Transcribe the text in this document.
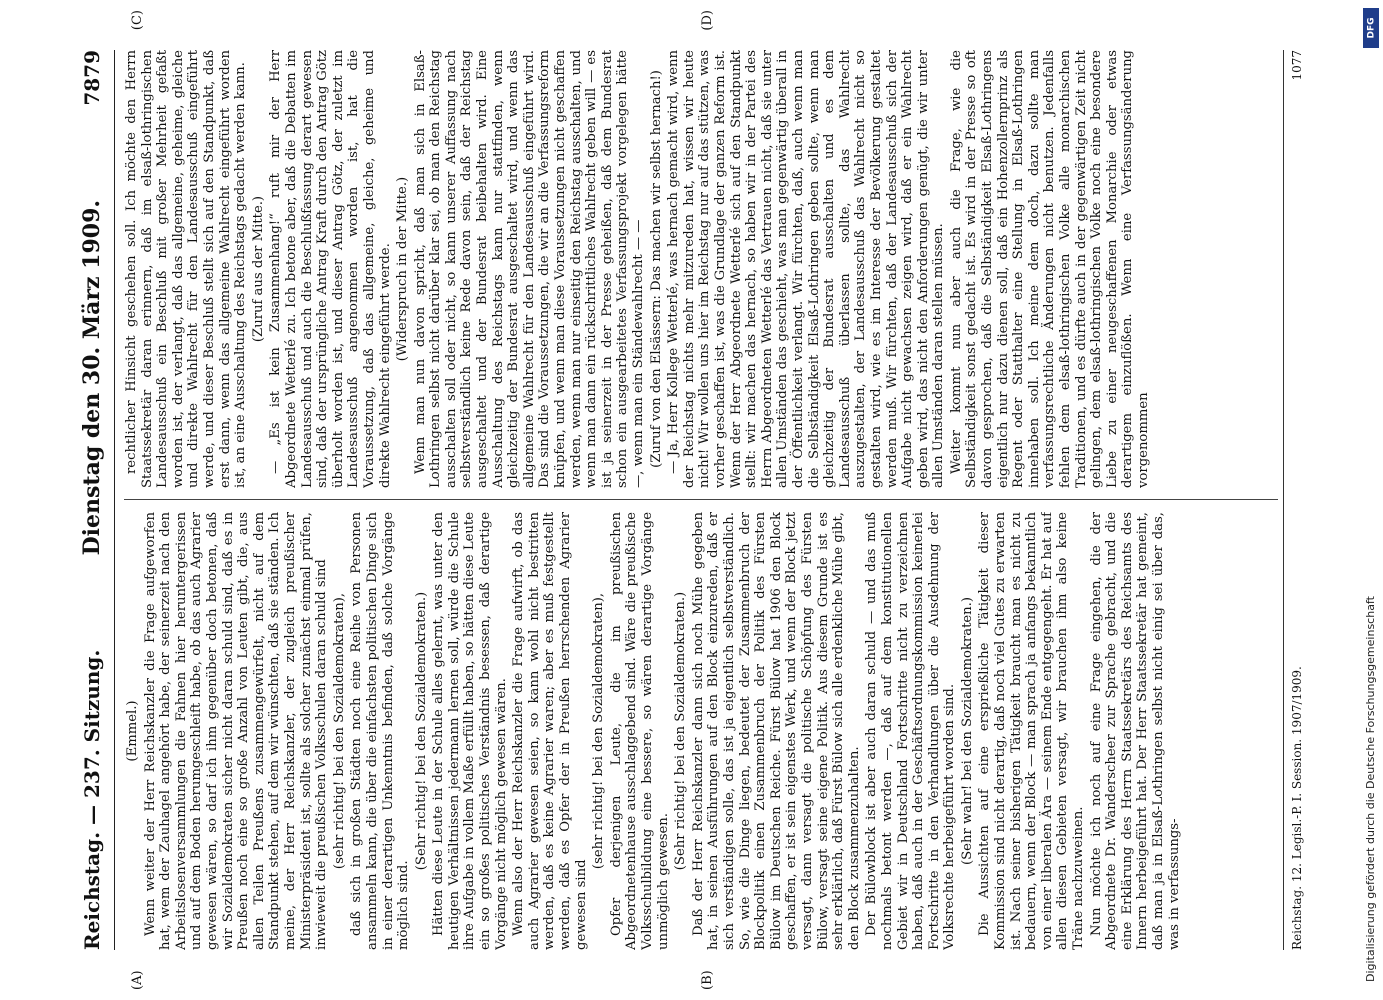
Reichstag. — 237. Sitzung.
Dienstag den 30. März 1909.
7879
(A)	(B)
(C)	(D)

(Emmel.) Wenn weiter der Herr Reichskanzler die Frage aufgeworfen hat, wem der Zauhagel angehört habe, der seinerzeit nach den Arbeitslosenversammlungen die Fahnen hier heruntergerissen und auf dem Boden herumgeschleift habe, ob das auch Agrarier gewesen wären, so darf ich ihm gegenüber doch betonen, daß wir Sozialdemokraten sicher nicht daran schuld sind, daß es in Preußen noch eine so große Anzahl von Leuten gibt, die, aus allen Teilen Preußens zusammengewürfelt, nicht auf dem Standpunkt stehen, auf dem wir wünschten, daß sie ständen. Ich meine, der Herr Reichskanzler, der zugleich preußischer Ministerpräsident ist, sollte als solcher zunächst einmal prüfen, inwieweit die preußischen Volksschulen daran schuld sind (sehr richtig! bei den Sozialdemokraten), daß sich in großen Städten noch eine Reihe von Personen ansammeln kann, die über die einfachsten politischen Dinge sich in einer derartigen Unkenntnis befinden, daß solche Vorgänge möglich sind.

(Sehr richtig! bei den Sozialdemokraten.) Hätten diese Leute in der Schule alles gelernt, was unter den heutigen Verhältnissen jedermann lernen soll, würde die Schule ihre Aufgabe in vollem Maße erfüllt haben, so hätten diese Leute ein so großes politisches Verständnis besessen, daß derartige Vorgänge nicht möglich gewesen wären. Wenn also der Herr Reichskanzler die Frage aufwirft, ob das auch Agrarier gewesen seien, so kann wohl nicht bestritten werden, daß es keine Agrarier waren; aber es muß festgestellt werden, daß es Opfer der in Preußen herrschenden Agrarier gewesen sind

(sehr richtig! bei den Sozialdemokraten), Opfer derjenigen Leute, die im preußischen Abgeordnetenhause ausschlaggebend sind. Wäre die preußische Volksschulbildung eine bessere, so wären derartige Vorgänge unmöglich gewesen.

(Sehr richtig! bei den Sozialdemokraten.) Daß der Herr Reichskanzler dann sich noch Mühe gegeben hat, in seinen Ausführungen auf den Block einzureden, daß er sich verständigen solle, das ist ja eigentlich selbstverständlich. So, wie die Dinge liegen, bedeutet der Zusammenbruch der Blockpolitik einen Zusammenbruch der Politik des Fürsten Bülow im Deutschen Reiche. Fürst Bülow hat 1906 den Block geschaffen, er ist sein eigenstes Werk, und wenn der Block jetzt versagt, dann versagt die politische Schöpfung des Fürsten Bülow, versagt seine eigene Politik. Aus diesem Grunde ist es sehr erklärlich, daß Fürst Bülow sich alle erdenkliche Mühe gibt, den Block zusammenzuhalten. Der Bülowblock ist aber auch daran schuld — und das muß nochmals betont werden —, daß auf dem konstitutionellen Gebiet wir in Deutschland Fortschritte nicht zu verzeichnen haben, daß auch in der Geschäftsordnungskommission keinerlei Fortschritte in den Verhandlungen über die Ausdehnung der Volksrechte herbeigeführt worden sind. (Sehr wahr! bei den Sozialdemokraten.) Die Aussichten auf eine ersprießliche Tätigkeit dieser Kommission sind nicht derartig, daß noch viel Gutes zu erwarten ist. Nach seiner bisherigen Tätigkeit braucht man es nicht zu bedauern, wenn der Block — man sprach ja anfangs bekanntlich von einer liberalen Ära — seinem Ende entgegengeht. Er hat auf allen diesen Gebieten versagt, wir brauchen ihm also keine Träne nachzuweinen. Nun möchte ich noch auf eine Frage eingehen, die der Abgeordnete Dr. Wanderscheer zur Sprache gebracht, und die eine Erklärung des Herrn Staatssekretärs des Reichsamts des Innern herbeigeführt hat. Der Herr Staatssekretär hat gemeint, daß man ja in Elsaß-Lothringen selbst nicht einig sei über das, was in verfassungs-

rechtlicher Hinsicht geschehen soll. Ich möchte den Herrn Staatssekretär daran erinnern, daß im elsaß-lothringischen Landesausschuß ein Beschluß mit großer Mehrheit gefaßt worden ist, der verlangt, daß das allgemeine, geheime, gleiche und direkte Wahlrecht für den Landesausschuß eingeführt werde, und dieser Beschluß stellt sich auf den Standpunkt, daß erst dann, wenn das allgemeine Wahlrecht eingeführt worden ist, an eine Ausschaltung des Reichstags gedacht werden kann. (Zuruf aus der Mitte.) — „Es ist kein Zusammenhang!“ ruft mir der Herr Abgeordnete Wetterlé zu. Ich betone aber, daß die Debatten im Landesausschuß und auch die Beschlußfassung derart gewesen sind, daß der ursprüngliche Antrag Kraft durch den Antrag Götz überholt worden ist, und dieser Antrag Götz, der zuletzt im Landesausschuß angenommen worden ist, hat die Voraussetzung, daß das allgemeine, gleiche, geheime und direkte Wahlrecht eingeführt werde. (Widerspruch in der Mitte.) Wenn man nun davon spricht, daß man sich in Elsaß-Lothringen selbst nicht darüber klar sei, ob man den Reichstag ausschalten soll oder nicht, so kann unserer Auffassung nach selbstverständlich keine Rede davon sein, daß der Reichstag ausgeschaltet und der Bundesrat beibehalten wird. Eine Ausschaltung des Reichstags kann nur stattfinden, wenn gleichzeitig der Bundesrat ausgeschaltet wird, und wenn das allgemeine Wahlrecht für den Landesausschuß eingeführt wird. Das sind die Voraussetzungen, die wir an die Verfassungsreform knüpfen, und wenn man diese Voraussetzungen nicht geschaffen werden, wenn man nur einseitig den Reichstag ausschalten, und wenn man dann ein rückschrittliches Wahlrecht geben will — es ist ja seinerzeit in der Presse geheißen, daß dem Bundesrat schon ein ausgearbeitetes Verfassungsprojekt vorgelegen hätte —, wenn man ein Ständewahlrecht — — (Zuruf von den Elsässern: Das machen wir selbst hernach!) — Ja, Herr Kollege Wetterlé, was hernach gemacht wird, wenn der Reichstag nichts mehr mitzureden hat, wissen wir heute nicht! Wir wollen uns hier im Reichstag nur auf das stützen, was vorher geschaffen ist, was die Grundlage der ganzen Reform ist. Wenn der Herr Abgeordnete Wetterlé sich auf den Standpunkt stellt: wir machen das hernach, so haben wir in der Partei des Herrn Abgeordneten Wetterlé das Vertrauen nicht, daß sie unter allen Umständen das geschieht, was man gegenwärtig überall in der Öffentlichkeit verlangt. Wir fürchten, daß, auch wenn man die Selbständigkeit Elsaß-Lothringen geben sollte, wenn man gleichzeitig der Bundesrat ausschalten und es dem Landesausschuß überlassen sollte, das Wahlrecht auszugestalten, der Landesausschuß das Wahlrecht nicht so gestalten wird, wie es im Interesse der Bevölkerung gestaltet werden muß. Wir fürchten, daß der Landesausschuß sich der Aufgabe nicht gewachsen zeigen wird, daß er ein Wahlrecht geben wird, das nicht den Anforderungen genügt, die wir unter allen Umständen daran stellen müssen. Weiter kommt nun aber auch die Frage, wie die Selbständigkeit sonst gedacht ist. Es wird in der Presse so oft davon gesprochen, daß die Selbständigkeit Elsaß-Lothringens eigentlich nur dazu dienen soll, daß ein Hohenzollernprinz als Regent oder Statthalter eine Stellung in Elsaß-Lothringen innehaben soll. Ich meine dem doch, dazu sollte man verfassungsrechtliche Änderungen nicht benutzen. Jedenfalls fehlen dem elsaß-lothringischen Volke alle monarchischen Traditionen, und es dürfte auch in der gegenwärtigen Zeit nicht gelingen, dem elsaß-lothringischen Volke noch eine besondere Liebe zu einer neugeschaffenen Monarchie oder etwas derartigem einzuflößen. Wenn eine Verfassungsänderung vorgenommen

Reichstag. 12. Legisl.-P. I. Session. 1907/1909.
1077
DFG
Digitalisierung gefördert durch die Deutsche Forschungsgemeinschaft
